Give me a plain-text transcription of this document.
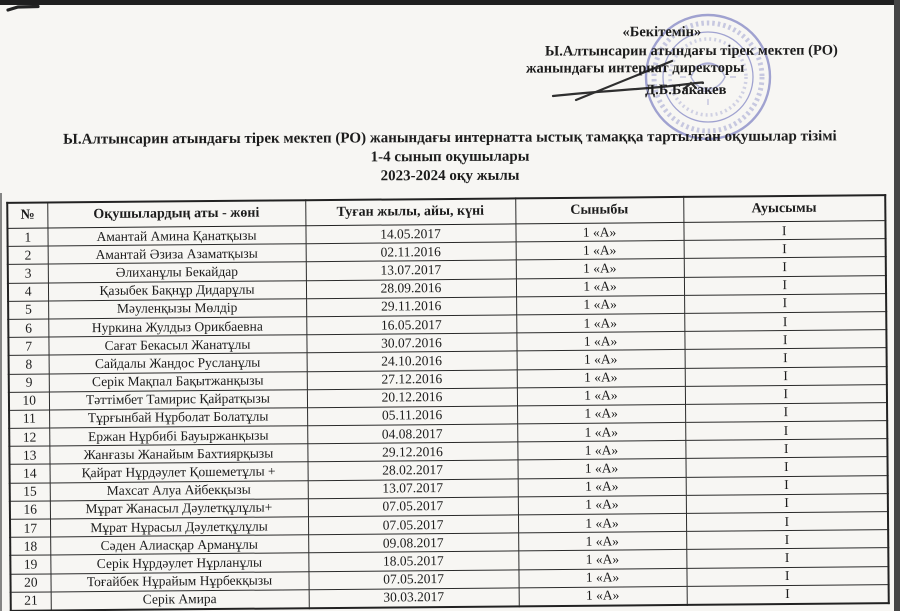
«Бекітемін»
Ы.Алтынсарин атындағы тірек мектеп (РО)
жанындағы интернат директоры
Д.Б.Бакакев
Ы.Алтынсарин атындағы тірек мектеп (РО) жанындағы интернатта ыстық тамаққа тартылған оқушылар тізімі
1-4 сынып оқушылары
2023-2024 оқу жылы
№	Оқушылардың аты - жөні	Туған жылы, айы, күні	Сыныбы	Ауысымы
1	Амантай Амина Қанатқызы	14.05.2017	1 «А»	I
2	Амантай Әзиза Азаматқызы	02.11.2016	1 «А»	I
3	Әлиханұлы Бекайдар	13.07.2017	1 «А»	I
4	Қазыбек Бақнұр Дидарұлы	28.09.2016	1 «А»	I
5	Мәуленқызы Мөлдір	29.11.2016	1 «А»	I
6	Нуркина Жулдыз Орикбаевна	16.05.2017	1 «А»	I
7	Сағат Бекасыл Жанатұлы	30.07.2016	1 «А»	I
8	Сайдалы Жандос Русланұлы	24.10.2016	1 «А»	I
9	Серік Мақпал Бақытжанқызы	27.12.2016	1 «А»	I
10	Тәттімбет Тамирис Қайратқызы	20.12.2016	1 «А»	I
11	Тұрғынбай Нұрболат Болатұлы	05.11.2016	1 «А»	I
12	Ержан Нұрбибі Бауыржанқызы	04.08.2017	1 «А»	I
13	Жанғазы Жанайым Бахтиярқызы	29.12.2016	1 «А»	I
14	Қайрат Нұрдәулет Қошеметұлы +	28.02.2017	1 «А»	I
15	Махсат Алуа Айбекқызы	13.07.2017	1 «А»	I
16	Мұрат Жанасыл Дәулетқұлұлы+	07.05.2017	1 «А»	I
17	Мұрат Нұрасыл Дәулетқұлұлы	07.05.2017	1 «А»	I
18	Сәден Алиасқар Арманұлы	09.08.2017	1 «А»	I
19	Серік Нұрдәулет Нұрланұлы	18.05.2017	1 «А»	I
20	Тоғайбек Нұрайым Нұрбекқызы	07.05.2017	1 «А»	I
21	Серік Амира	30.03.2017	1 «А»	I
